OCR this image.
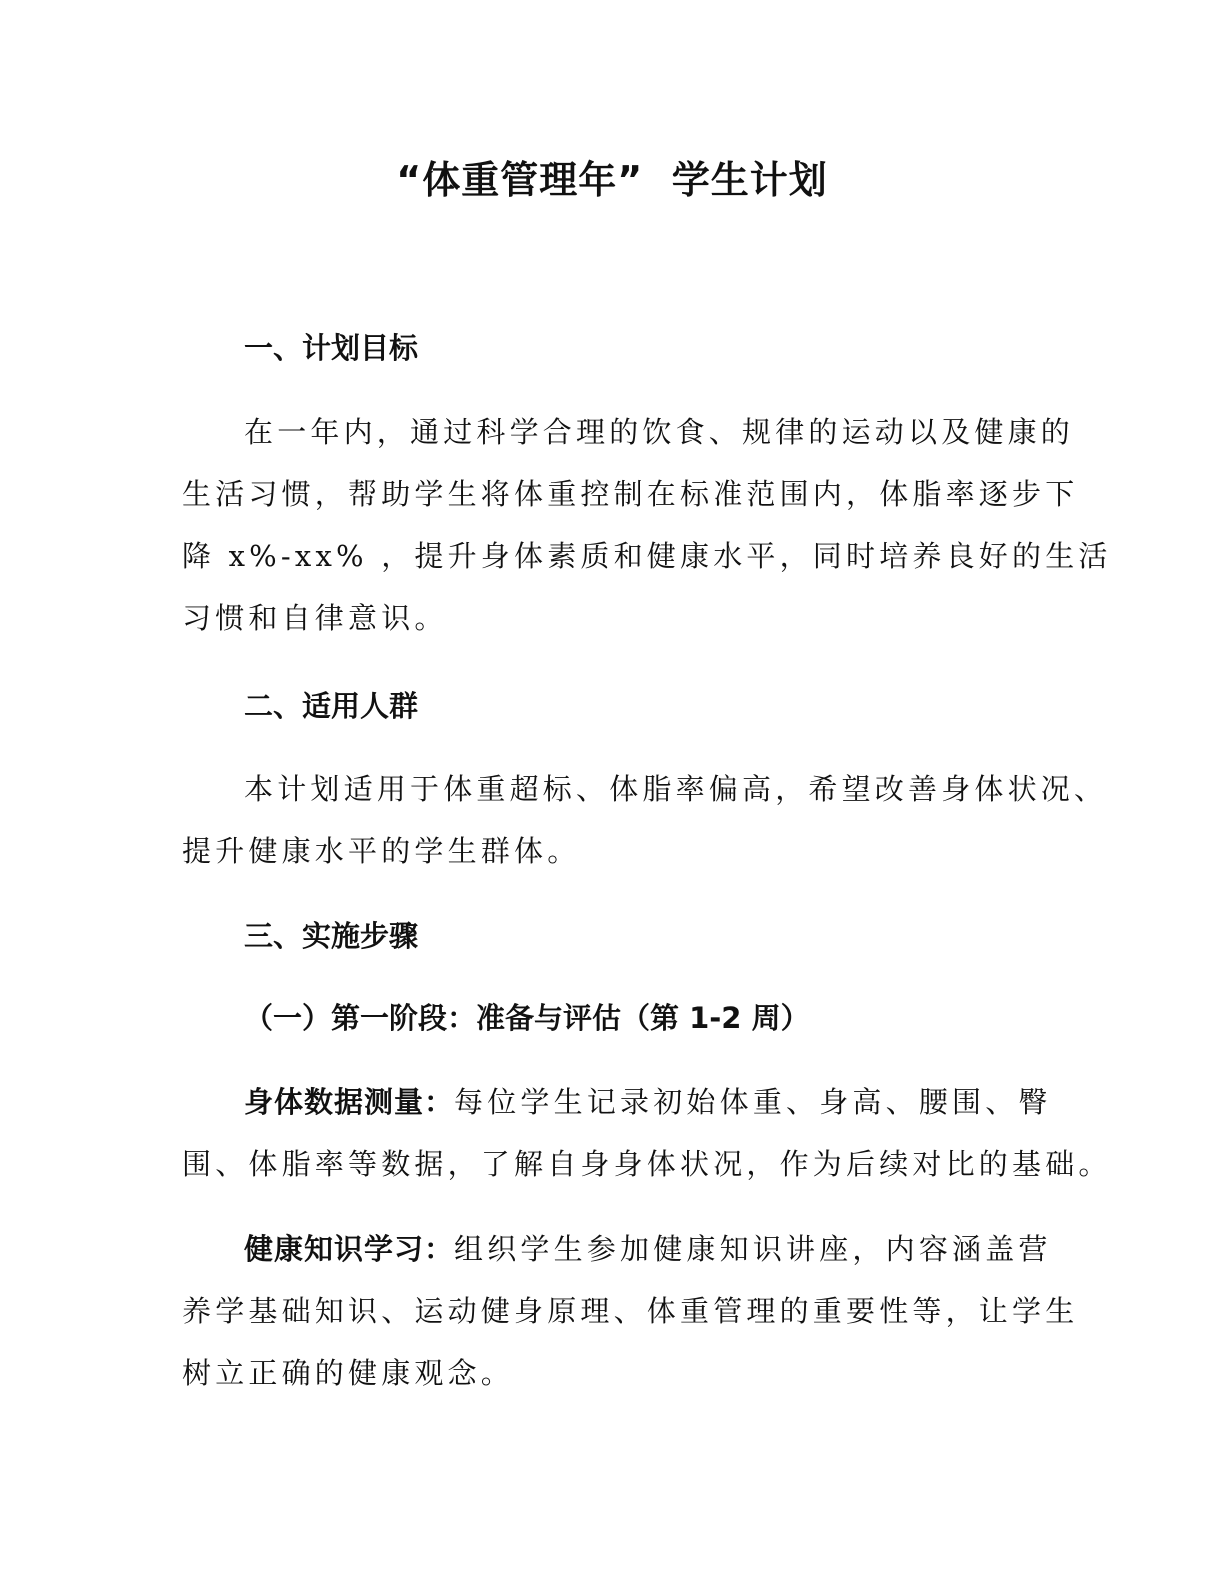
“体重管理年”  学生计划
一、计划目标
在一年内，通过科学合理的饮食、规律的运动以及健康的
生活习惯，帮助学生将体重控制在标准范围内，体脂率逐步下
降 x%-xx% ，提升身体素质和健康水平，同时培养良好的生活
习惯和自律意识。
二、适用人群
本计划适用于体重超标、体脂率偏高，希望改善身体状况、
提升健康水平的学生群体。
三、实施步骤
（一）第一阶段：准备与评估（第 1-2 周）
身体数据测量：每位学生记录初始体重、身高、腰围、臀
围、体脂率等数据，了解自身身体状况，作为后续对比的基础。
健康知识学习：组织学生参加健康知识讲座，内容涵盖营
养学基础知识、运动健身原理、体重管理的重要性等，让学生
树立正确的健康观念。
